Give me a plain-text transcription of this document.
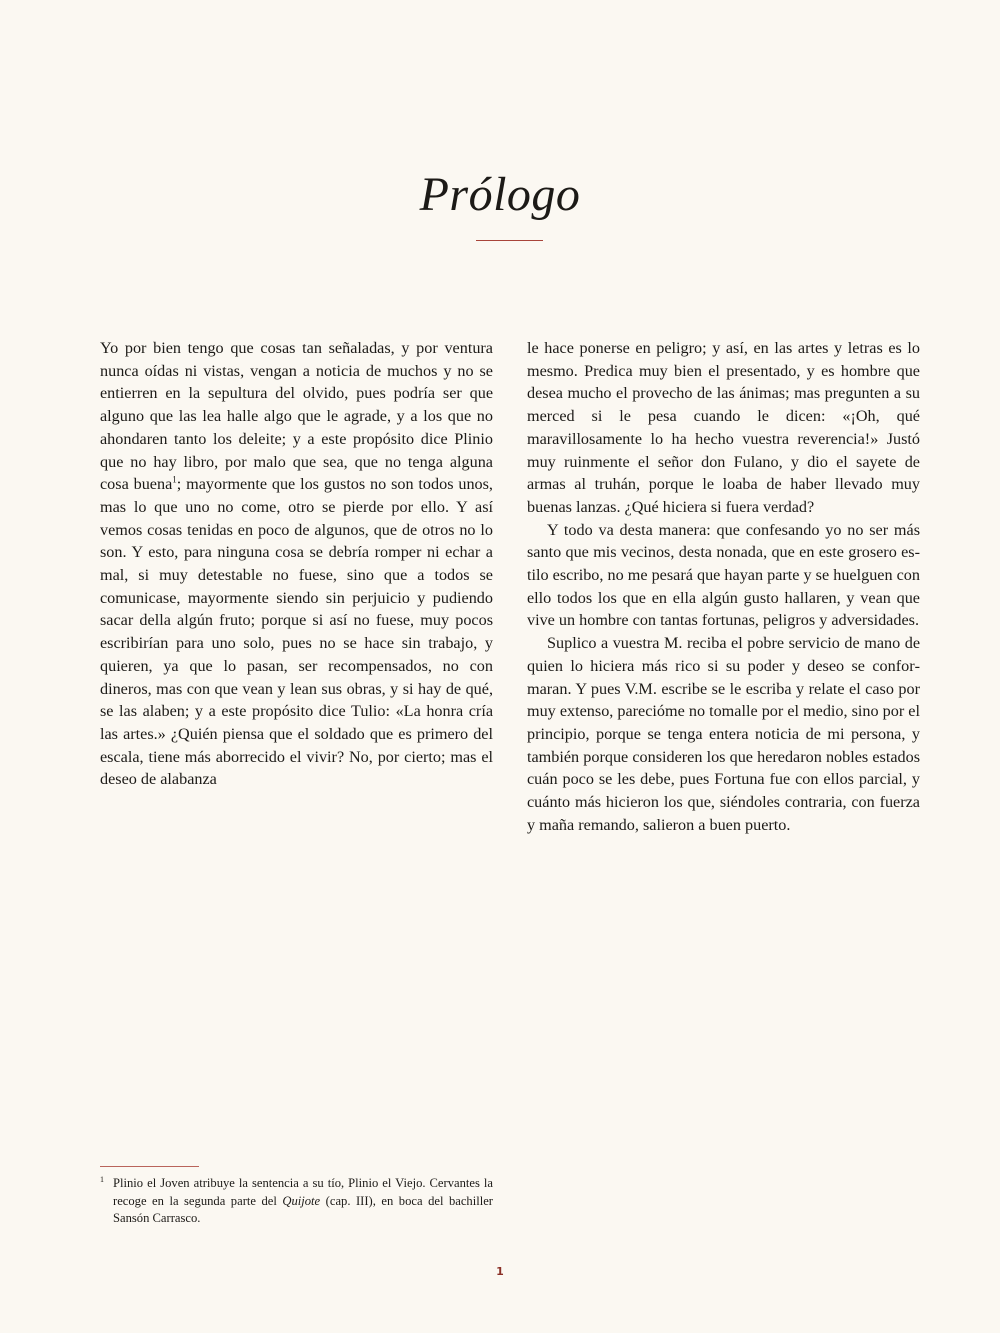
Prólogo

Yo por bien tengo que cosas tan señaladas, y por ventura nunca oídas ni vistas, vengan a noticia de muchos y no se entierren en la sepultura del olvido, pues podría ser que alguno que las lea halle algo que le agrade, y a los que no ahondaren tanto los deleite; y a este propósito dice Plinio que no hay libro, por malo que sea, que no tenga alguna cosa buena$^1$; mayormente que los gustos no son todos unos, mas lo que uno no come, otro se pierde por ello. Y así vemos cosas tenidas en poco de algunos, que de otros no lo son. Y esto, para ninguna cosa se debría romper ni echar a mal, si muy detestable no fuese, sino que a todos se comunicase, mayormente siendo sin perjuicio y pudiendo sacar della algún fruto; porque si así no fuese, muy pocos escribirían para uno solo, pues no se hace sin trabajo, y quieren, ya que lo pasan, ser recompensados, no con dineros, mas con que vean y lean sus obras, y si hay de qué, se las alaben; y a este propósito dice Tulio: «La honra cría las artes.» ¿Quién piensa que el soldado que es primero del escala, tiene más aborrecido el vivir? No, por cierto; mas el deseo de alabanza

le hace ponerse en peligro; y así, en las artes y letras es lo mesmo. Predica muy bien el presentado, y es hombre que desea mucho el provecho de las ánimas; mas pregunten a su merced si le pesa cuando le dicen: «¡Oh, qué maravillosamente lo ha hecho vuestra reverencia!» Justó muy ruinmente el señor don Fulano, y dio el sayete de armas al truhán, porque le loaba de haber llevado muy buenas lanzas. ¿Qué hiciera si fuera verdad?

Y todo va desta manera: que confesando yo no ser más santo que mis vecinos, desta nonada, que en este grosero estilo escribo, no me pesará que hayan parte y se huelguen con ello todos los que en ella algún gusto hallaren, y vean que vive un hombre con tantas fortunas, peligros y adversidades.

Suplico a vuestra M. reciba el pobre servicio de mano de quien lo hiciera más rico si su poder y deseo se conformaran. Y pues V.M. escribe se le escriba y relate el caso por muy extenso, parecióme no tomalle por el medio, sino por el principio, porque se tenga entera noticia de mi persona, y también porque consideren los que heredaron nobles estados cuán poco se les debe, pues Fortuna fue con ellos parcial, y cuánto más hicieron los que, siéndoles contraria, con fuerza y maña remando, salieron a buen puerto.

1 Plinio el Joven atribuye la sentencia a su tío, Plinio el Viejo. Cervantes la recoge en la segunda parte del Quijote (cap. III), en boca del bachiller Sansón Carrasco.
1
